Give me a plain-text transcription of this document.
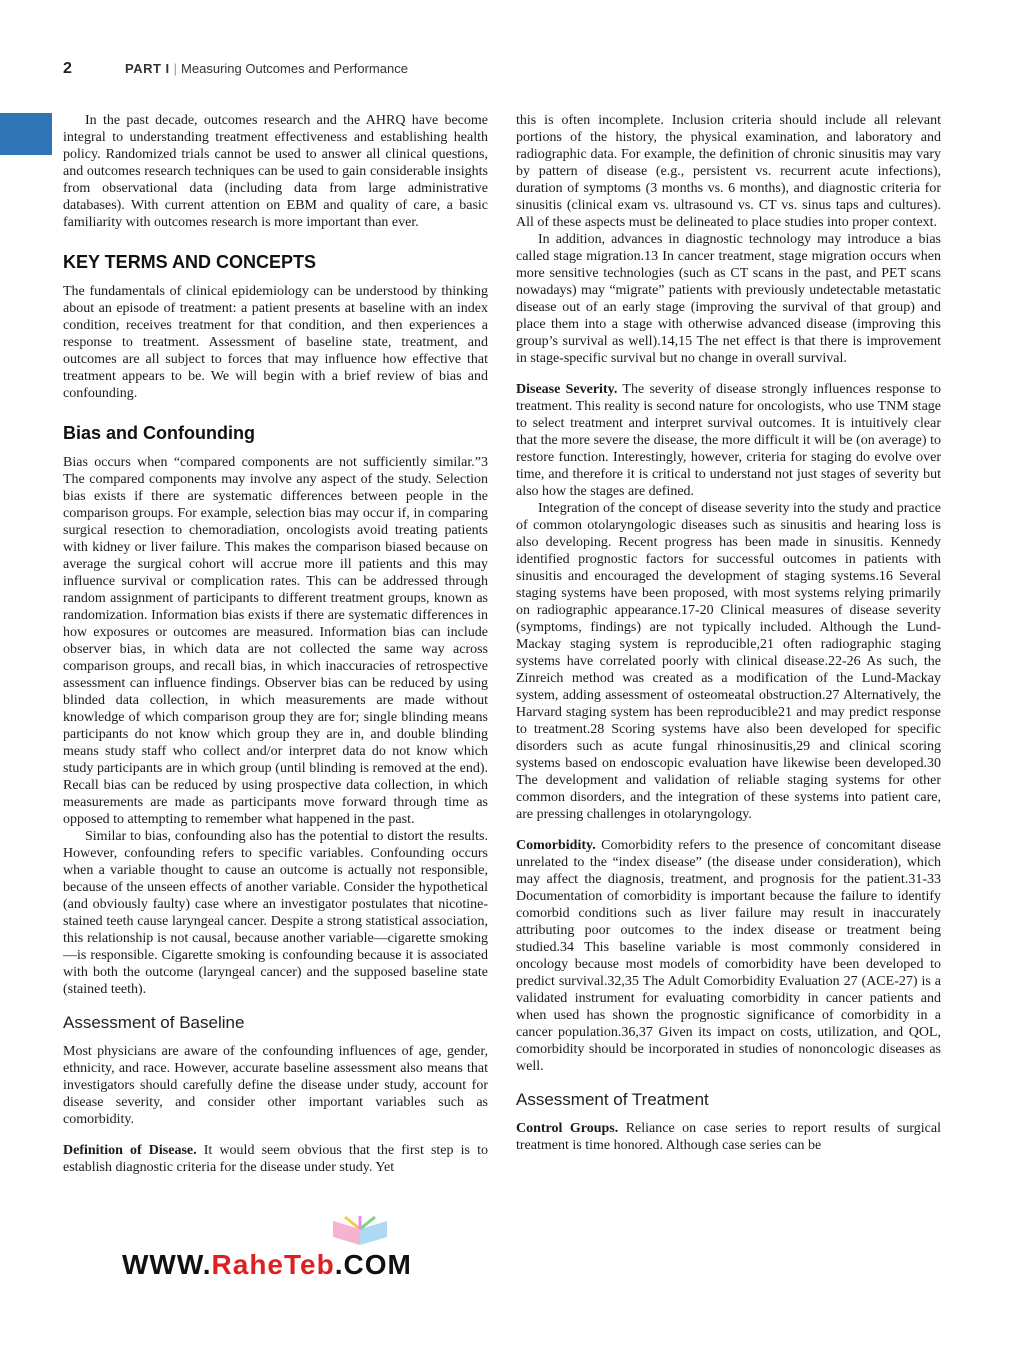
2	PART I | Measuring Outcomes and Performance

In the past decade, outcomes research and the AHRQ have become integral to understanding treatment effectiveness and establishing health policy. Randomized trials cannot be used to answer all clinical questions, and outcomes research techniques can be used to gain considerable insights from observational data (including data from large administrative databases). With current attention on EBM and quality of care, a basic familiarity with outcomes research is more important than ever.

KEY TERMS AND CONCEPTS

The fundamentals of clinical epidemiology can be understood by thinking about an episode of treatment: a patient presents at baseline with an index condition, receives treatment for that condition, and then experiences a response to treatment. Assessment of baseline state, treatment, and outcomes are all subject to forces that may influence how effective that treatment appears to be. We will begin with a brief review of bias and confounding.

Bias and Confounding

Bias occurs when “compared components are not sufficiently similar.”3 The compared components may involve any aspect of the study. Selection bias exists if there are systematic differences between people in the comparison groups. For example, selection bias may occur if, in comparing surgical resection to chemoradiation, oncologists avoid treating patients with kidney or liver failure. This makes the comparison biased because on average the surgical cohort will accrue more ill patients and this may influence survival or complication rates. This can be addressed through random assignment of participants to different treatment groups, known as randomization. Information bias exists if there are systematic differences in how exposures or outcomes are measured. Information bias can include observer bias, in which data are not collected the same way across comparison groups, and recall bias, in which inaccuracies of retrospective assessment can influence findings. Observer bias can be reduced by using blinded data collection, in which measurements are made without knowledge of which comparison group they are for; single blinding means participants do not know which group they are in, and double blinding means study staff who collect and/or interpret data do not know which study participants are in which group (until blinding is removed at the end). Recall bias can be reduced by using prospective data collection, in which measurements are made as participants move forward through time as opposed to attempting to remember what happened in the past.

Similar to bias, confounding also has the potential to distort the results. However, confounding refers to specific variables. Confounding occurs when a variable thought to cause an outcome is actually not responsible, because of the unseen effects of another variable. Consider the hypothetical (and obviously faulty) case where an investigator postulates that nicotine-stained teeth cause laryngeal cancer. Despite a strong statistical association, this relationship is not causal, because another variable—cigarette smoking—is responsible. Cigarette smoking is confounding because it is associated with both the outcome (laryngeal cancer) and the supposed baseline state (stained teeth).

Assessment of Baseline

Most physicians are aware of the confounding influences of age, gender, ethnicity, and race. However, accurate baseline assessment also means that investigators should carefully define the disease under study, account for disease severity, and consider other important variables such as comorbidity.

Definition of Disease. It would seem obvious that the first step is to establish diagnostic criteria for the disease under study. Yet

this is often incomplete. Inclusion criteria should include all relevant portions of the history, the physical examination, and laboratory and radiographic data. For example, the definition of chronic sinusitis may vary by pattern of disease (e.g., persistent vs. recurrent acute infections), duration of symptoms (3 months vs. 6 months), and diagnostic criteria for sinusitis (clinical exam vs. ultrasound vs. CT vs. sinus taps and cultures). All of these aspects must be delineated to place studies into proper context.

In addition, advances in diagnostic technology may introduce a bias called stage migration.13 In cancer treatment, stage migration occurs when more sensitive technologies (such as CT scans in the past, and PET scans nowadays) may “migrate” patients with previously undetectable metastatic disease out of an early stage (improving the survival of that group) and place them into a stage with otherwise advanced disease (improving this group’s survival as well).14,15 The net effect is that there is improvement in stage-specific survival but no change in overall survival.

Disease Severity. The severity of disease strongly influences response to treatment. This reality is second nature for oncologists, who use TNM stage to select treatment and interpret survival outcomes. It is intuitively clear that the more severe the disease, the more difficult it will be (on average) to restore function. Interestingly, however, criteria for staging do evolve over time, and therefore it is critical to understand not just stages of severity but also how the stages are defined.

Integration of the concept of disease severity into the study and practice of common otolaryngologic diseases such as sinusitis and hearing loss is also developing. Recent progress has been made in sinusitis. Kennedy identified prognostic factors for successful outcomes in patients with sinusitis and encouraged the development of staging systems.16 Several staging systems have been proposed, with most systems relying primarily on radiographic appearance.17-20 Clinical measures of disease severity (symptoms, findings) are not typically included. Although the Lund-Mackay staging system is reproducible,21 often radiographic staging systems have correlated poorly with clinical disease.22-26 As such, the Zinreich method was created as a modification of the Lund-Mackay system, adding assessment of osteomeatal obstruction.27 Alternatively, the Harvard staging system has been reproducible21 and may predict response to treatment.28 Scoring systems have also been developed for specific disorders such as acute fungal rhinosinusitis,29 and clinical scoring systems based on endoscopic evaluation have likewise been developed.30 The development and validation of reliable staging systems for other common disorders, and the integration of these systems into patient care, are pressing challenges in otolaryngology.

Comorbidity. Comorbidity refers to the presence of concomitant disease unrelated to the “index disease” (the disease under consideration), which may affect the diagnosis, treatment, and prognosis for the patient.31-33 Documentation of comorbidity is important because the failure to identify comorbid conditions such as liver failure may result in inaccurately attributing poor outcomes to the index disease or treatment being studied.34 This baseline variable is most commonly considered in oncology because most models of comorbidity have been developed to predict survival.32,35 The Adult Comorbidity Evaluation 27 (ACE-27) is a validated instrument for evaluating comorbidity in cancer patients and when used has shown the prognostic significance of comorbidity in a cancer population.36,37 Given its impact on costs, utilization, and QOL, comorbidity should be incorporated in studies of nononcologic diseases as well.

Assessment of Treatment

Control Groups. Reliance on case series to report results of surgical treatment is time honored. Although case series can be

WWW.RaheTeb.COM
